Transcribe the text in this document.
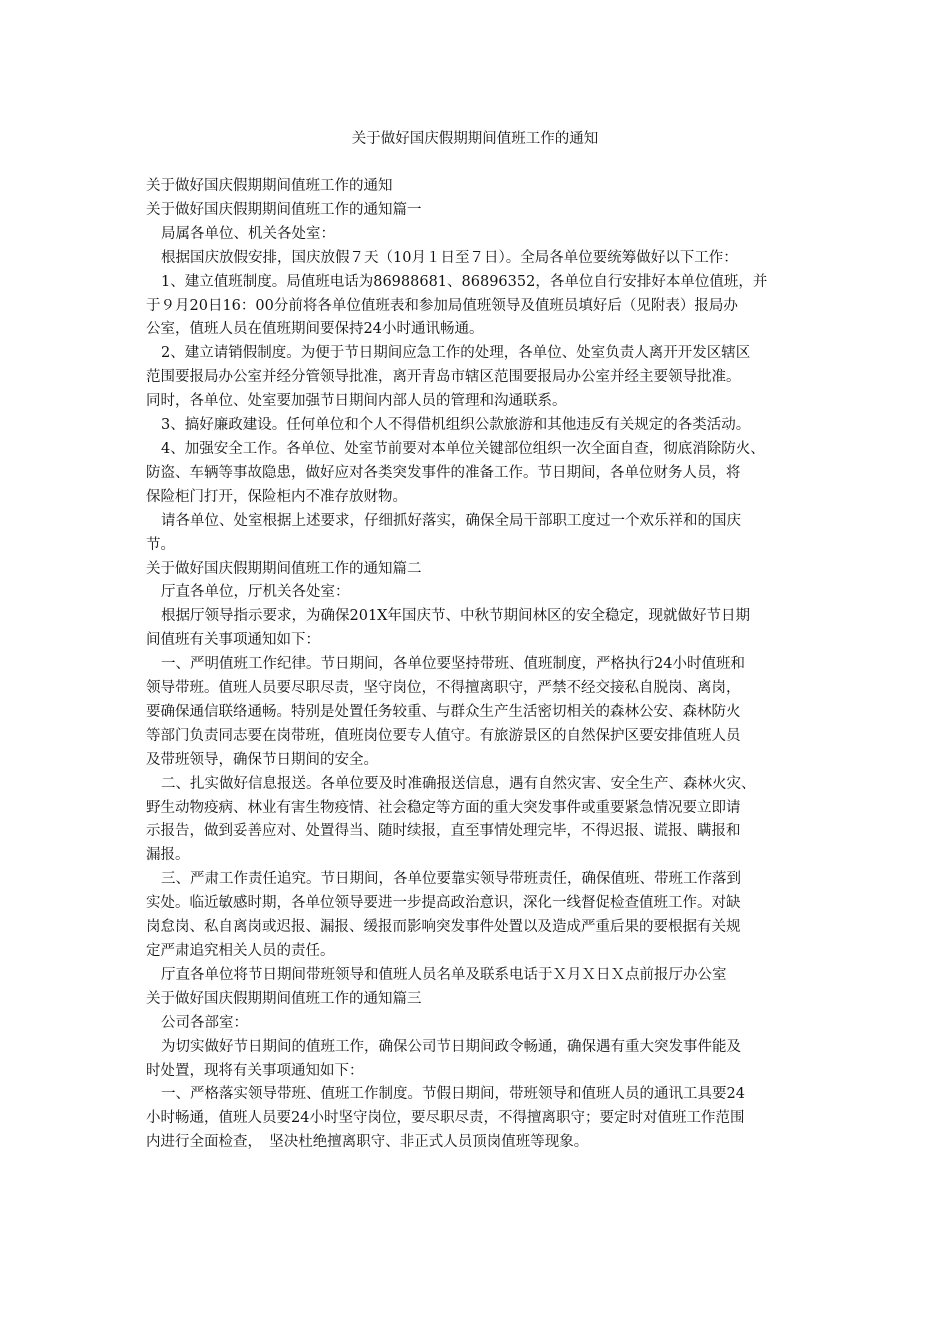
关于做好国庆假期期间值班工作的通知

关于做好国庆假期期间值班工作的通知

关于做好国庆假期期间值班工作的通知篇一

局属各单位、机关各处室：

根据国庆放假安排，国庆放假７天（10月１日至７日）。全局各单位要统筹做好以下工作：

1、建立值班制度。局值班电话为86988681、86896352，各单位自行安排好本单位值班，并

于９月20日16：00分前将各单位值班表和参加局值班领导及值班员填好后（见附表）报局办

公室，值班人员在值班期间要保持24小时通讯畅通。

2、建立请销假制度。为便于节日期间应急工作的处理，各单位、处室负责人离开开发区辖区

范围要报局办公室并经分管领导批准，离开青岛市辖区范围要报局办公室并经主要领导批准。

同时，各单位、处室要加强节日期间内部人员的管理和沟通联系。

3、搞好廉政建设。任何单位和个人不得借机组织公款旅游和其他违反有关规定的各类活动。

4、加强安全工作。各单位、处室节前要对本单位关键部位组织一次全面自查，彻底消除防火、

防盗、车辆等事故隐患，做好应对各类突发事件的准备工作。节日期间，各单位财务人员，将

保险柜门打开，保险柜内不准存放财物。

请各单位、处室根据上述要求，仔细抓好落实，确保全局干部职工度过一个欢乐祥和的国庆

节。

关于做好国庆假期期间值班工作的通知篇二

厅直各单位，厅机关各处室：

根据厅领导指示要求，为确保201X年国庆节、中秋节期间林区的安全稳定，现就做好节日期

间值班有关事项通知如下：

一、严明值班工作纪律。节日期间，各单位要坚持带班、值班制度，严格执行24小时值班和

领导带班。值班人员要尽职尽责，坚守岗位，不得擅离职守，严禁不经交接私自脱岗、离岗，

要确保通信联络通畅。特别是处置任务较重、与群众生产生活密切相关的森林公安、森林防火

等部门负责同志要在岗带班，值班岗位要专人值守。有旅游景区的自然保护区要安排值班人员

及带班领导，确保节日期间的安全。

二、扎实做好信息报送。各单位要及时准确报送信息，遇有自然灾害、安全生产、森林火灾、

野生动物疫病、林业有害生物疫情、社会稳定等方面的重大突发事件或重要紧急情况要立即请

示报告，做到妥善应对、处置得当、随时续报，直至事情处理完毕，不得迟报、谎报、瞒报和

漏报。

三、严肃工作责任追究。节日期间，各单位要靠实领导带班责任，确保值班、带班工作落到

实处。临近敏感时期，各单位领导要进一步提高政治意识，深化一线督促检查值班工作。对缺

岗怠岗、私自离岗或迟报、漏报、缓报而影响突发事件处置以及造成严重后果的要根据有关规

定严肃追究相关人员的责任。

厅直各单位将节日期间带班领导和值班人员名单及联系电话于Ｘ月Ｘ日Ｘ点前报厅办公室

关于做好国庆假期期间值班工作的通知篇三

公司各部室：

为切实做好节日期间的值班工作，确保公司节日期间政令畅通，确保遇有重大突发事件能及

时处置，现将有关事项通知如下：

一、严格落实领导带班、值班工作制度。节假日期间，带班领导和值班人员的通讯工具要24

小时畅通，值班人员要24小时坚守岗位，要尽职尽责，不得擅离职守；要定时对值班工作范围

内进行全面检查，　坚决杜绝擅离职守、非正式人员顶岗值班等现象。
